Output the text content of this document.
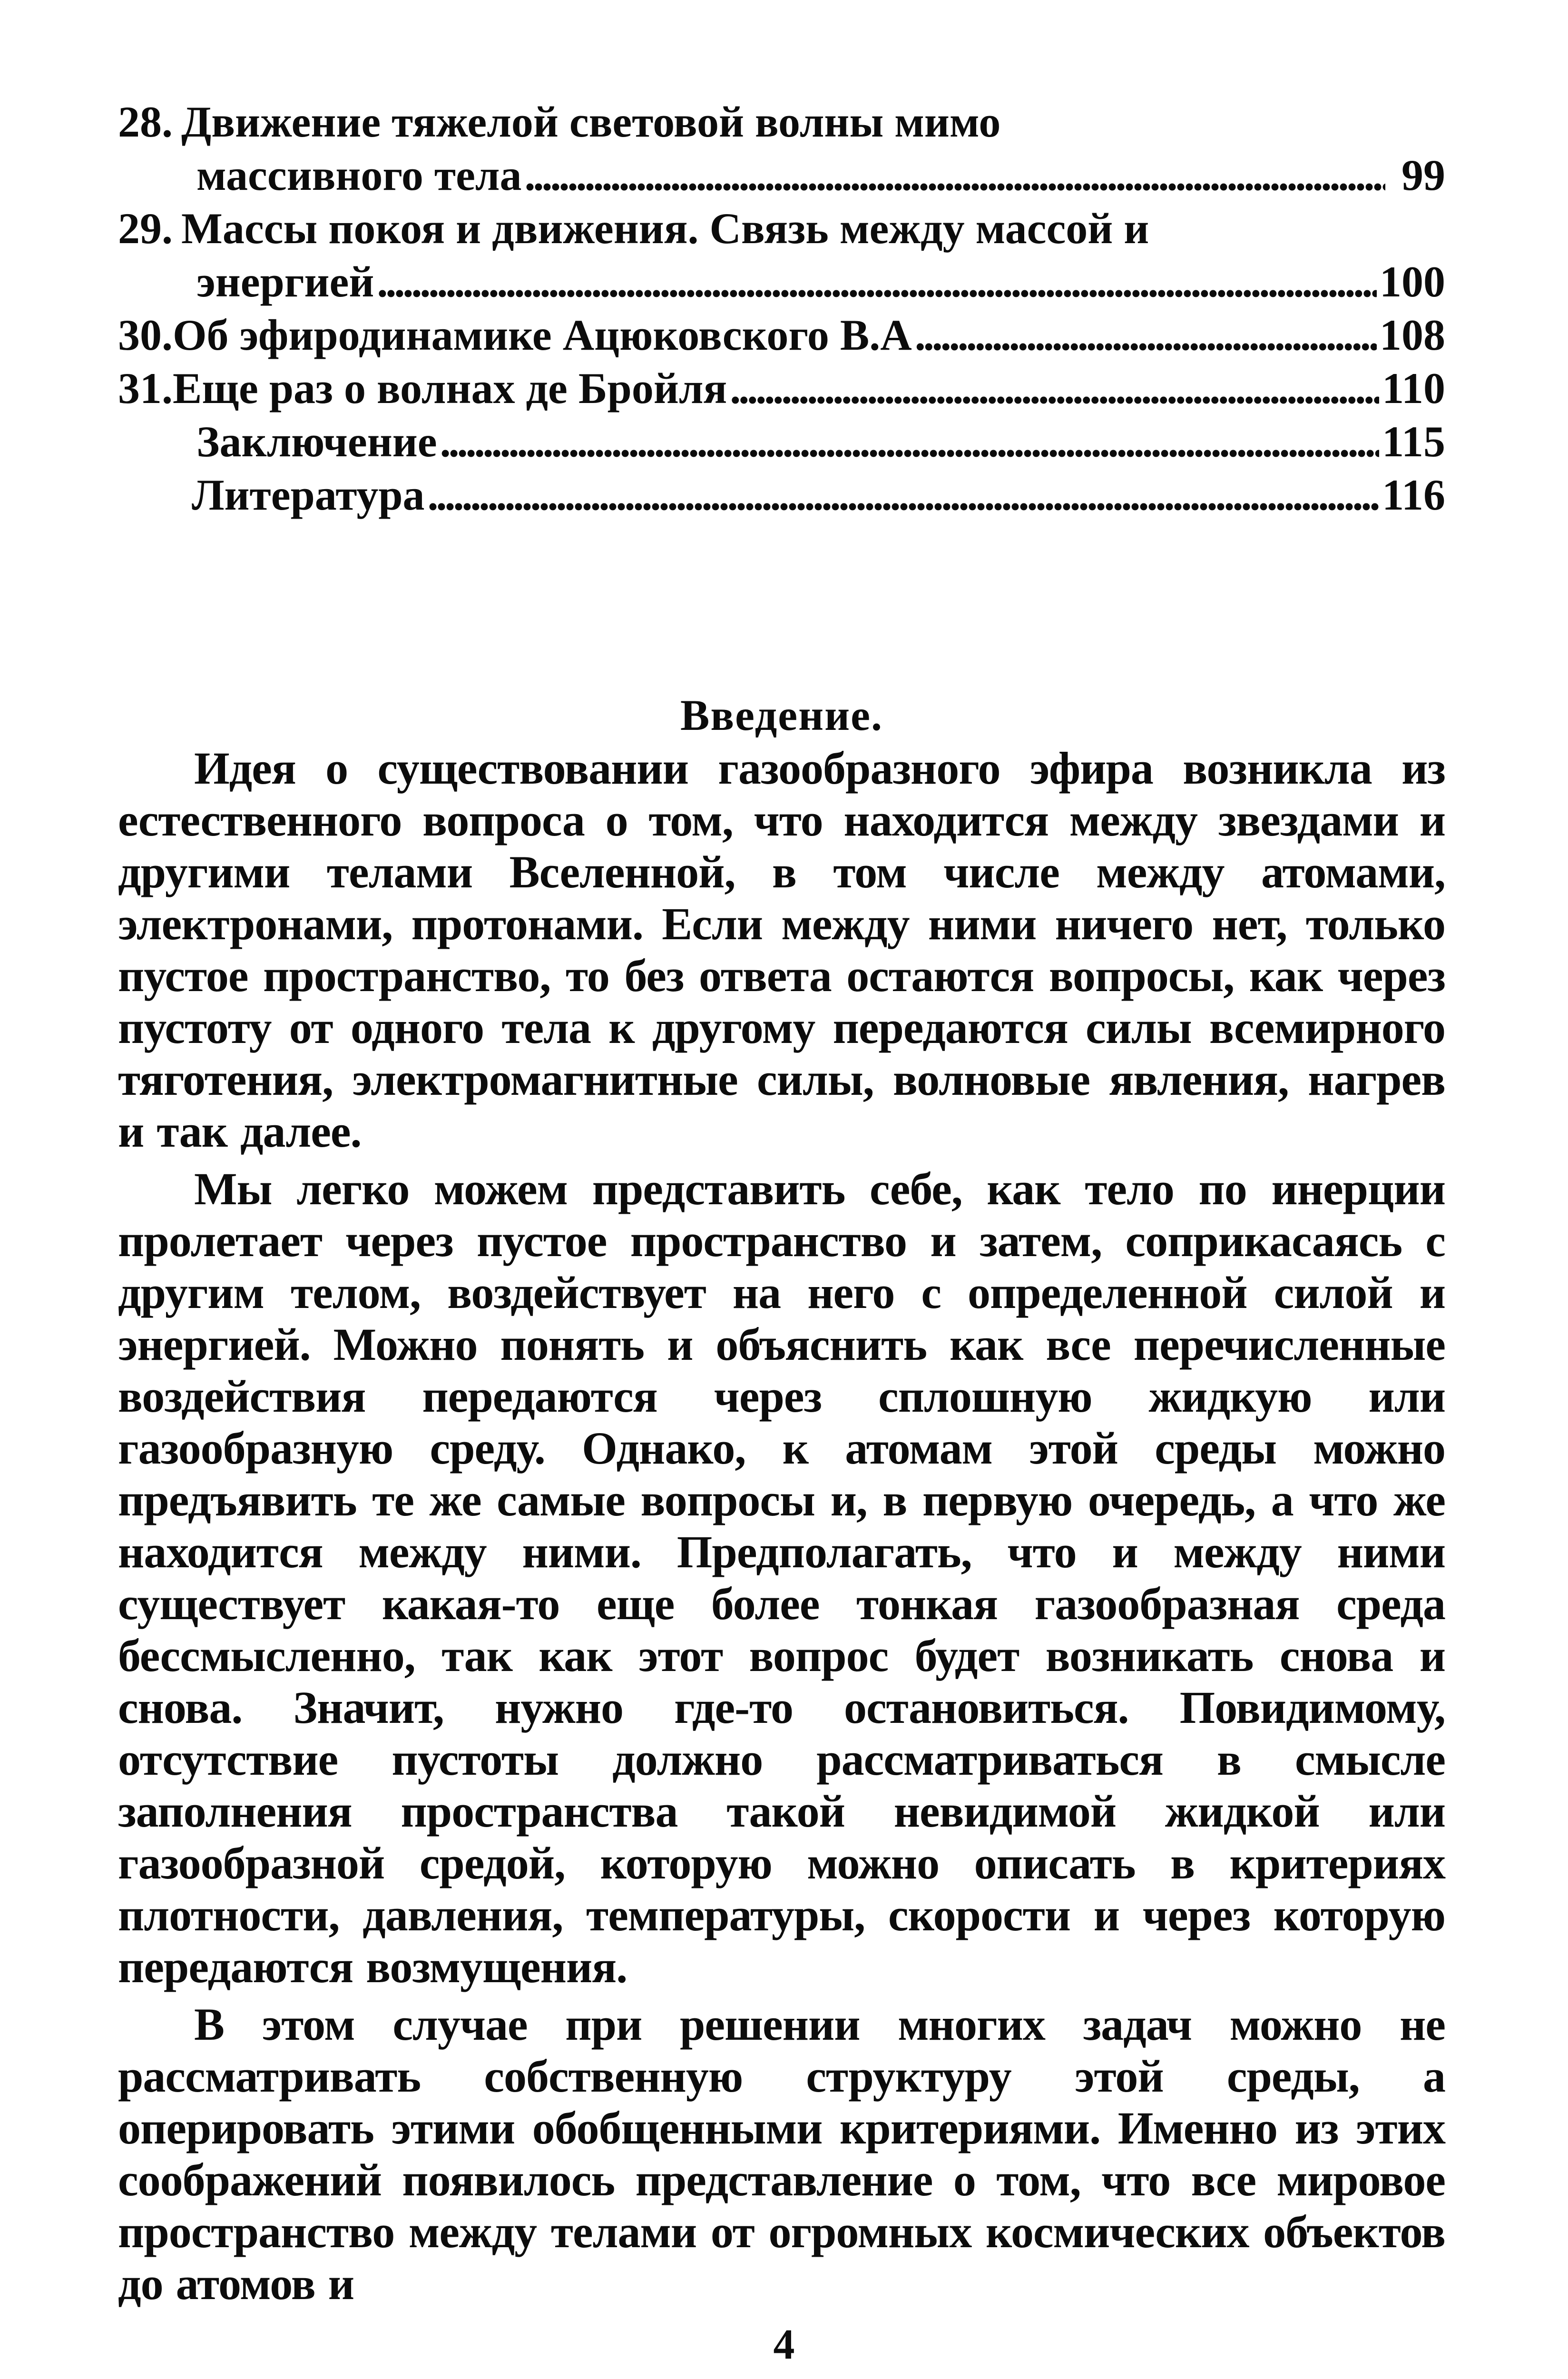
28. Движение тяжелой световой волны мимо
массивного тела . . .	99
29. Массы покоя и движения. Связь между массой и
энергией . . .	100
30. Об эфиродинамике Ацюковского В.А . . .	108
31. Еще раз о волнах де Бройля . . .	110
Заключение . . .	115
Литература . . .	116
Введение.

Идея о существовании газообразного эфира возникла из естественного вопроса о том, что находится между звездами и другими телами Вселенной, в том числе между атомами, электронами, протонами. Если между ними ничего нет, только пустое пространство, то без ответа остаются вопросы, как через пустоту от одного тела к другому передаются силы всемирного тяготения, электромагнитные силы, волновые явления, нагрев и так далее.

Мы легко можем представить себе, как тело по инерции пролетает через пустое пространство и затем, соприкасаясь с другим телом, воздействует на него с определенной силой и энергией. Можно понять и объяснить как все перечисленные воздействия передаются через сплошную жидкую или газообразную среду. Однако, к атомам этой среды можно предъявить те же самые вопросы и, в первую очередь, а что же находится между ними. Предполагать, что и между ними существует какая-то еще более тонкая газообразная среда бессмысленно, так как этот вопрос будет возникать снова и снова. Значит, нужно где-то остановиться. Повидимому, отсутствие пустоты должно рассматриваться в смысле заполнения пространства такой невидимой жидкой или газообразной средой, которую можно описать в критериях плотности, давления, температуры, скорости и через которую передаются возмущения.

В этом случае при решении многих задач можно не рассматривать собственную структуру этой среды, а оперировать этими обобщенными критериями. Именно из этих соображений появилось представление о том, что все мировое пространство между телами от огромных космических объектов до атомов и

4
